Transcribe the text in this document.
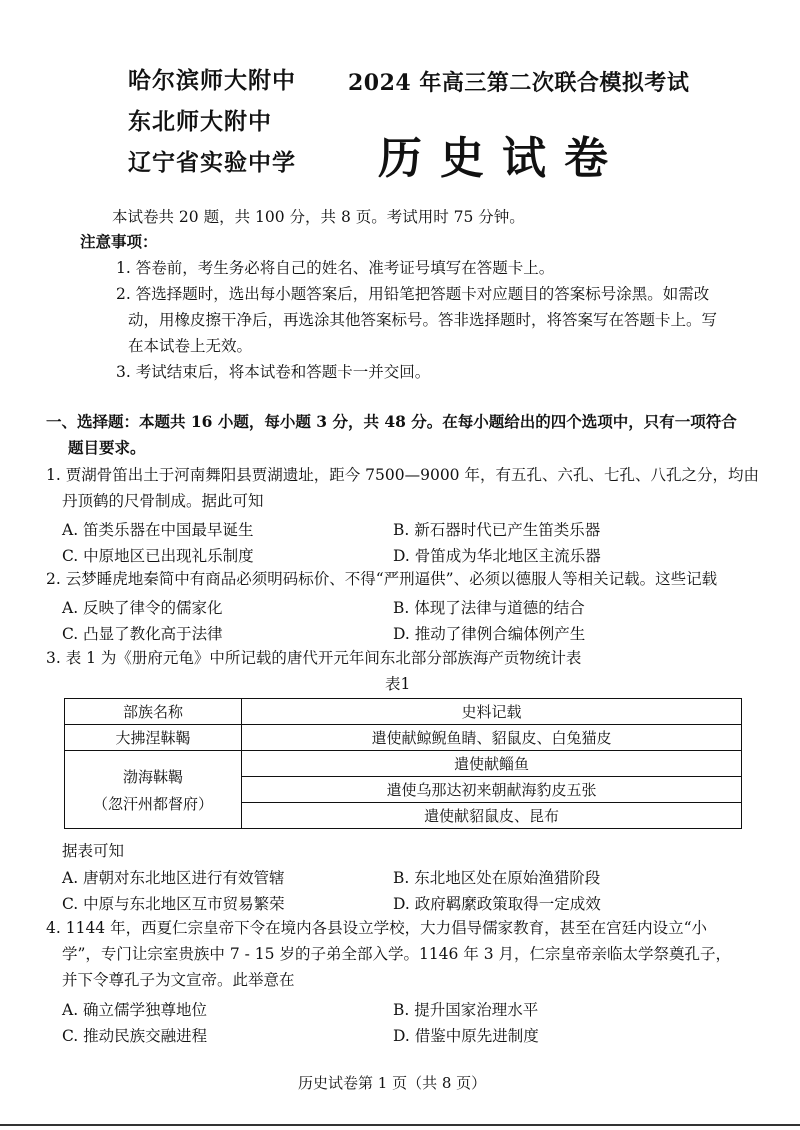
哈尔滨师大附中
东北师大附中
辽宁省实验中学
2024 年高三第二次联合模拟考试
历史试卷
本试卷共 20 题，共 100 分，共 8 页。考试用时 75 分钟。
注意事项：
1. 答卷前，考生务必将自己的姓名、准考证号填写在答题卡上。
2. 答选择题时，选出每小题答案后，用铅笔把答题卡对应题目的答案标号涂黑。如需改
动，用橡皮擦干净后，再选涂其他答案标号。答非选择题时，将答案写在答题卡上。写
在本试卷上无效。
3. 考试结束后，将本试卷和答题卡一并交回。
一、选择题：本题共 16 小题，每小题 3 分，共 48 分。在每小题给出的四个选项中，只有一项符合
题目要求。
1. 贾湖骨笛出土于河南舞阳县贾湖遗址，距今 7500—9000 年，有五孔、六孔、七孔、八孔之分，均由
丹顶鹤的尺骨制成。据此可知
A. 笛类乐器在中国最早诞生	B. 新石器时代已产生笛类乐器
C. 中原地区已出现礼乐制度	D. 骨笛成为华北地区主流乐器
2. 云梦睡虎地秦简中有商品必须明码标价、不得“严刑逼供”、必须以德服人等相关记载。这些记载
A. 反映了律令的儒家化	B. 体现了法律与道德的结合
C. 凸显了教化高于法律	D. 推动了律例合编体例产生
3. 表 1 为《册府元龟》中所记载的唐代开元年间东北部分部族海产贡物统计表
表1
部族名称	史料记载
大拂涅靺鞨	遣使献鲸鲵鱼睛、貂鼠皮、白兔猫皮

渤海靺鞨
（忽汗州都督府）	遣使献鲻鱼
	遣使乌那达初来朝献海豹皮五张
	遣使献貂鼠皮、昆布
据表可知
A. 唐朝对东北地区进行有效管辖	B. 东北地区处在原始渔猎阶段
C. 中原与东北地区互市贸易繁荣	D. 政府羁縻政策取得一定成效
4. 1144 年，西夏仁宗皇帝下令在境内各县设立学校，大力倡导儒家教育，甚至在宫廷内设立“小
学”，专门让宗室贵族中 7 - 15 岁的子弟全部入学。1146 年 3 月，仁宗皇帝亲临太学祭奠孔子，
并下令尊孔子为文宣帝。此举意在
A. 确立儒学独尊地位	B. 提升国家治理水平
C. 推动民族交融进程	D. 借鉴中原先进制度
历史试卷第 1 页（共 8 页）
